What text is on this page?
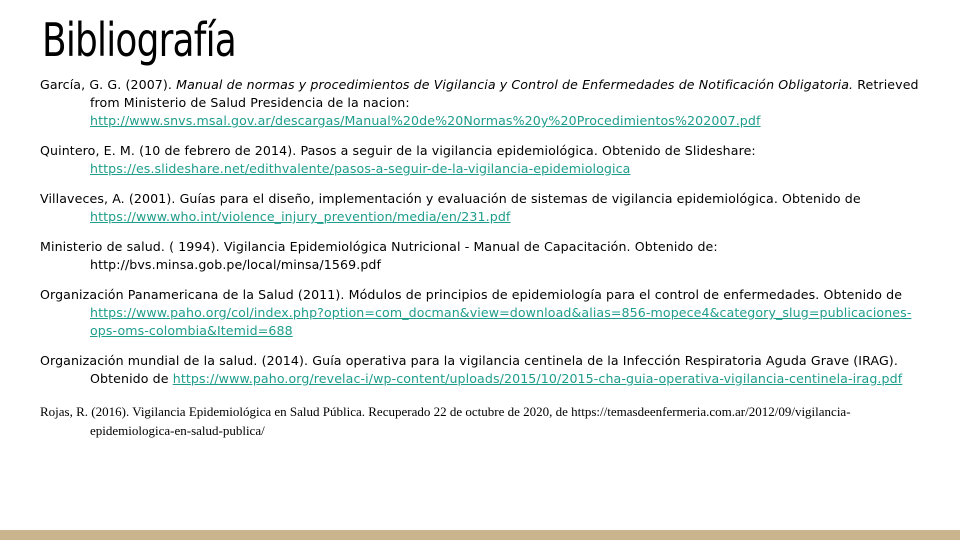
Bibliografía

García, G. G. (2007). Manual de normas y procedimientos de Vigilancia y Control de Enfermedades de Notificación Obligatoria. Retrieved from Ministerio de Salud Presidencia de la nacion: http://www.snvs.msal.gov.ar/descargas/Manual%20de%20Normas%20y%20Procedimientos%202007.pdf

Quintero, E. M. (10 de febrero de 2014). Pasos a seguir de la vigilancia epidemiológica. Obtenido de Slideshare: https://es.slideshare.net/edithvalente/pasos-a-seguir-de-la-vigilancia-epidemiologica

Villaveces, A. (2001). Guías para el diseño, implementación y evaluación de sistemas de vigilancia epidemiológica. Obtenido de https://www.who.int/violence_injury_prevention/media/en/231.pdf

Ministerio de salud. ( 1994). Vigilancia Epidemiológica Nutricional - Manual de Capacitación. Obtenido de: http://bvs.minsa.gob.pe/local/minsa/1569.pdf

Organización Panamericana de la Salud (2011). Módulos de principios de epidemiología para el control de enfermedades. Obtenido de https://www.paho.org/col/index.php?option=com_docman&view=download&alias=856-mopece4&category_slug=publicaciones-ops-oms-colombia&Itemid=688

Organización mundial de la salud. (2014). Guía operativa para la vigilancia centinela de la Infección Respiratoria Aguda Grave (IRAG). Obtenido de https://www.paho.org/revelac-i/wp-content/uploads/2015/10/2015-cha-guia-operativa-vigilancia-centinela-irag.pdf

Rojas, R. (2016). Vigilancia Epidemiológica en Salud Pública. Recuperado 22 de octubre de 2020, de https://temasdeenfermeria.com.ar/2012/09/vigilancia-epidemiologica-en-salud-publica/
